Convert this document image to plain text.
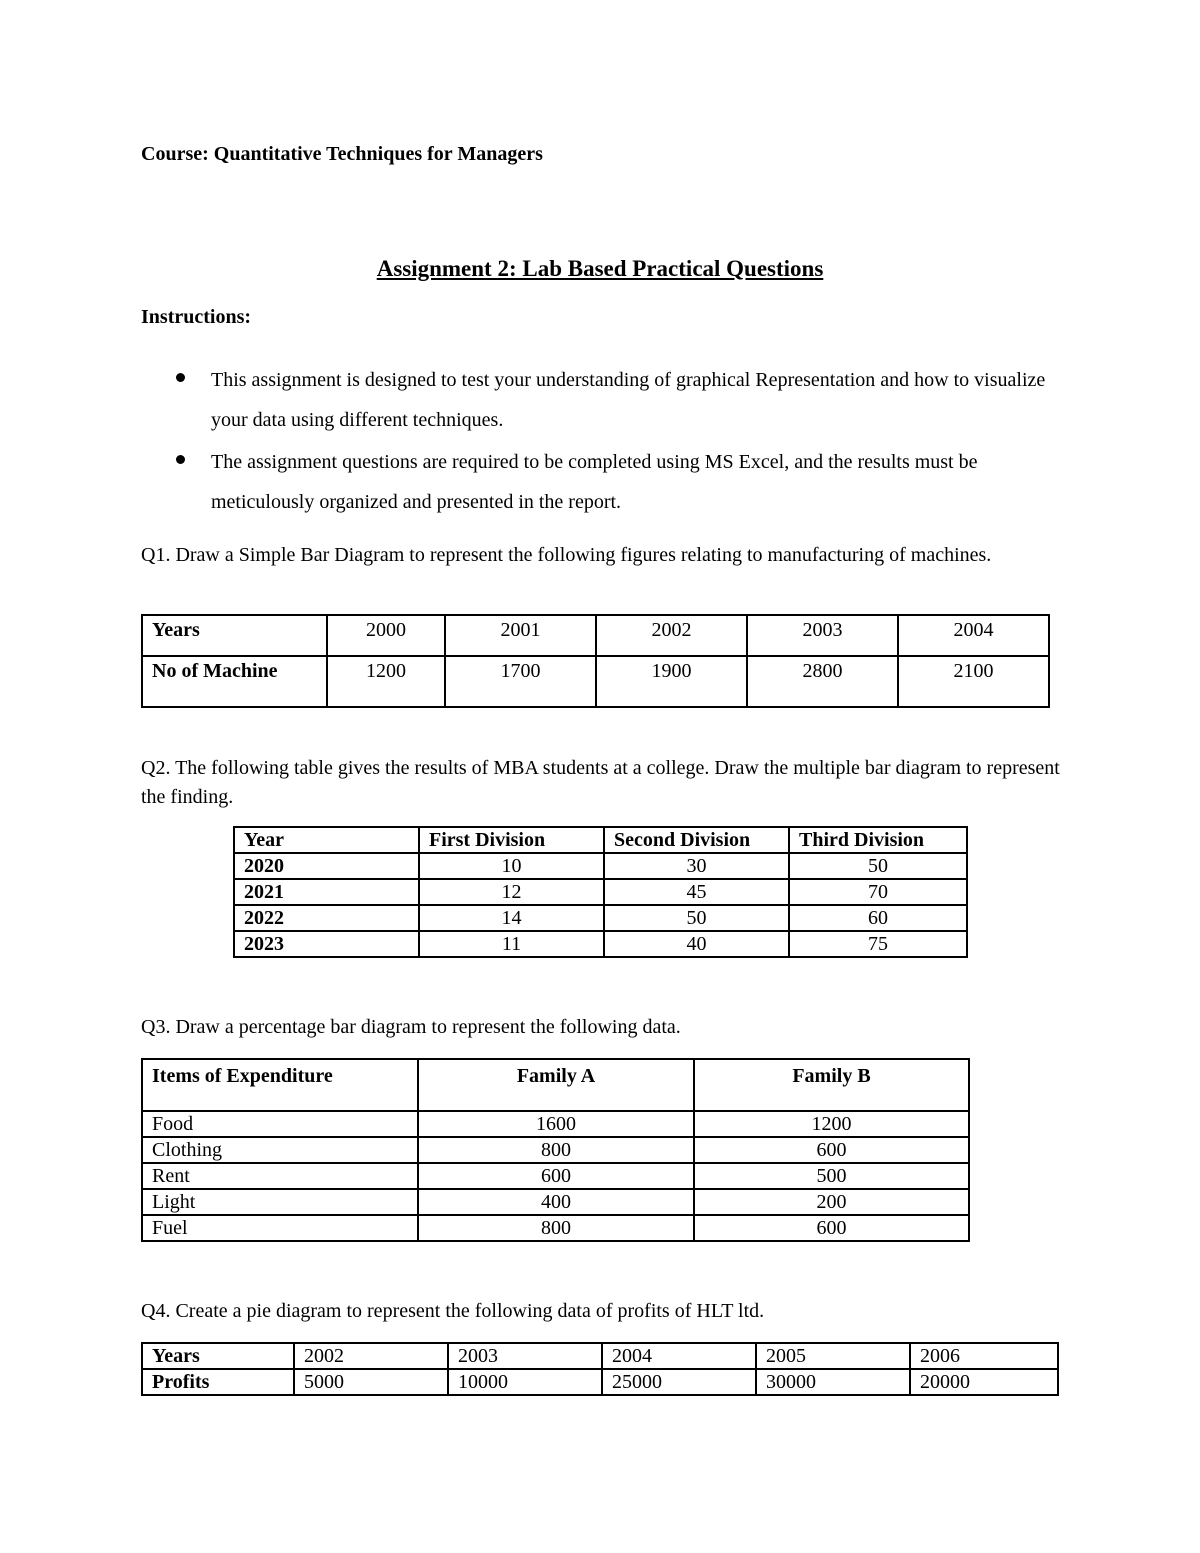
Course: Quantitative Techniques for Managers
Assignment 2: Lab Based Practical Questions
Instructions:
This assignment is designed to test your understanding of graphical Representation and how to visualize your data using different techniques.
The assignment questions are required to be completed using MS Excel, and the results must be meticulously organized and presented in the report.
Q1. Draw a Simple Bar Diagram to represent the following figures relating to manufacturing of machines.
Years	2000	2001	2002	2003	2004
No of Machine	1200	1700	1900	2800	2100
Q2. The following table gives the results of MBA students at a college. Draw the multiple bar diagram to represent the finding.
Year	First Division	Second Division	Third Division
2020	10	30	50
2021	12	45	70
2022	14	50	60
2023	11	40	75
Q3. Draw a percentage bar diagram to represent the following data.
Items of Expenditure	Family A	Family B
Food	1600	1200
Clothing	800	600
Rent	600	500
Light	400	200
Fuel	800	600
Q4. Create a pie diagram to represent the following data of profits of HLT ltd.
Years	2002	2003	2004	2005	2006
Profits	5000	10000	25000	30000	20000
